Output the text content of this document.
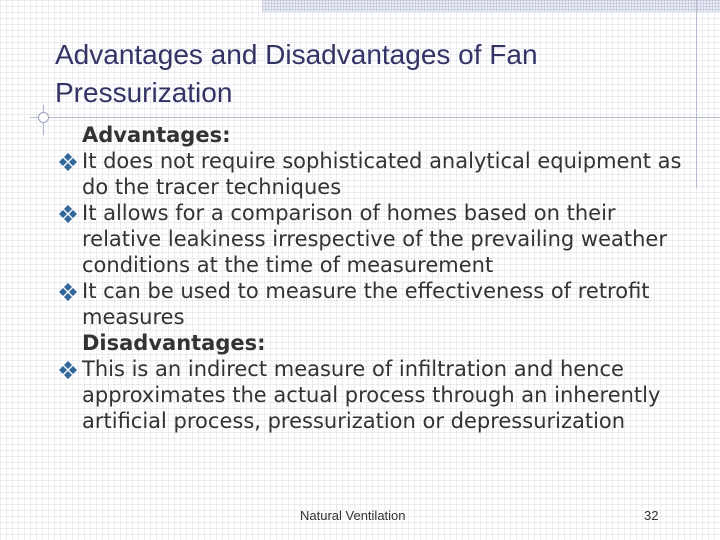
Advantages and Disadvantages of Fan Pressurization
Advantages:
It does not require sophisticated analytical equipment as do the tracer techniques
It allows for a comparison of homes based on their relative leakiness irrespective of the prevailing weather conditions at the time of measurement
It can be used to measure the effectiveness of retrofit measures
Disadvantages:
This is an indirect measure of infiltration and hence approximates the actual process through an inherently artificial process, pressurization or depressurization
Natural Ventilation	32
